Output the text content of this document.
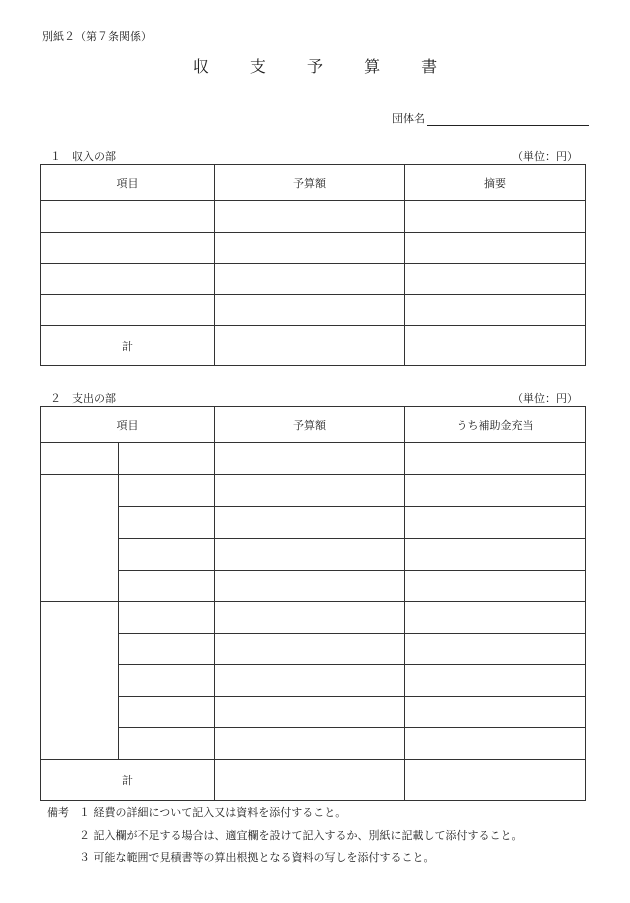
別紙２（第７条関係）
収 支 予 算 書
団体名
１　収入の部	（単位：円）
項目	予算額	摘要

計		
２　支出の部	（単位：円）
項目		予算額	うち補助金充当

計			
備考 １ 経費の詳細について記入又は資料を添付すること。
２ 記入欄が不足する場合は、適宜欄を設けて記入するか、別紙に記載して添付すること。
３ 可能な範囲で見積書等の算出根拠となる資料の写しを添付すること。
